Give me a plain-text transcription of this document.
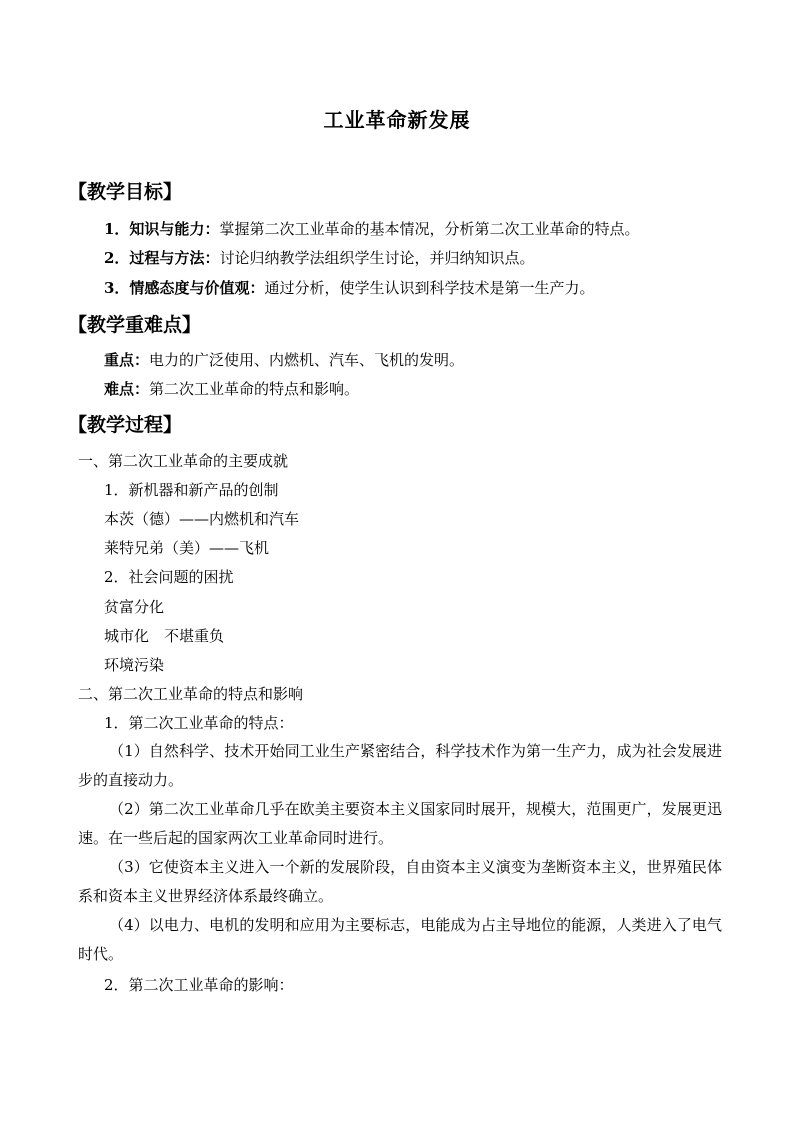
工业革命新发展
【教学目标】

1．知识与能力：掌握第二次工业革命的基本情况，分析第二次工业革命的特点。

2．过程与方法：讨论归纳教学法组织学生讨论，并归纳知识点。

3．情感态度与价值观：通过分析，使学生认识到科学技术是第一生产力。

【教学重难点】

重点：电力的广泛使用、内燃机、汽车、飞机的发明。

难点：第二次工业革命的特点和影响。

【教学过程】

一、第二次工业革命的主要成就

1．新机器和新产品的创制

本茨（德）——内燃机和汽车

莱特兄弟（美）——飞机

2．社会问题的困扰

贫富分化

城市化　不堪重负

环境污染

二、第二次工业革命的特点和影响

1．第二次工业革命的特点：

（1）自然科学、技术开始同工业生产紧密结合，科学技术作为第一生产力，成为社会发展进步的直接动力。

（2）第二次工业革命几乎在欧美主要资本主义国家同时展开，规模大，范围更广，发展更迅速。在一些后起的国家两次工业革命同时进行。

（3）它使资本主义进入一个新的发展阶段，自由资本主义演变为垄断资本主义，世界殖民体系和资本主义世界经济体系最终确立。

（4）以电力、电机的发明和应用为主要标志，电能成为占主导地位的能源，人类进入了电气时代。

2．第二次工业革命的影响：
